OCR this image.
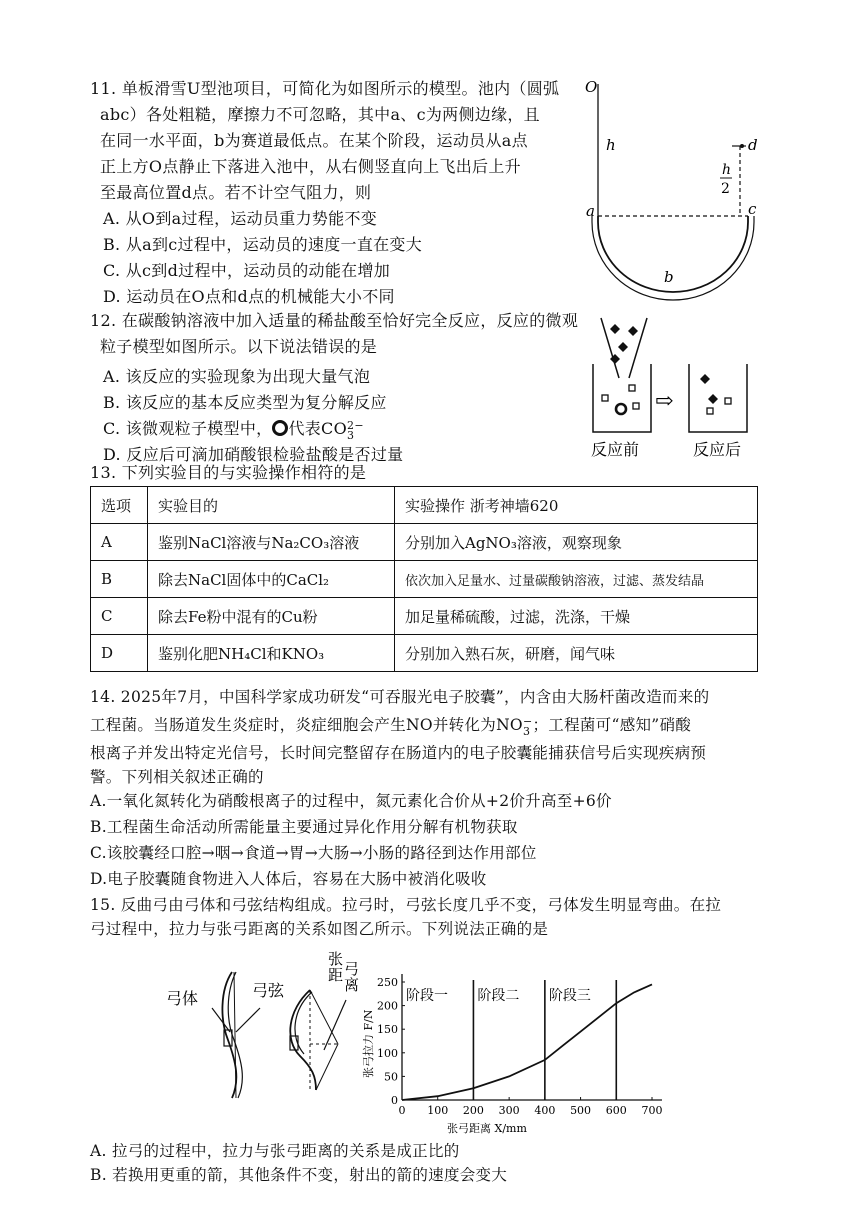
11. 单板滑雪U型池项目，可简化为如图所示的模型。池内（圆弧
abc）各处粗糙，摩擦力不可忽略，其中a、c为两侧边缘，且
在同一水平面，b为赛道最低点。在某个阶段，运动员从a点
正上方O点静止下落进入池中，从右侧竖直向上飞出后上升
至最高位置d点。若不计空气阻力，则
A. 从O到a过程，运动员重力势能不变
B. 从a到c过程中，运动员的速度一直在变大
C. 从c到d过程中，运动员的动能在增加
D. 运动员在O点和d点的机械能大小不同
O
h
a	c
b
d
h
2
12. 在碳酸钠溶液中加入适量的稀盐酸至恰好完全反应，反应的微观
粒子模型如图所示。以下说法错误的是
A. 该反应的实验现象为出现大量气泡
B. 该反应的基本反应类型为复分解反应
C. 该微观粒子模型中， 代表CO 2−
3
D. 反应后可滴加硝酸银检验盐酸是否过量
⇨
反应前	反应后
13. 下列实验目的与实验操作相符的是
选项	实验目的	实验操作 浙考神墙620
A	鉴别NaCl溶液与Na₂CO₃溶液	分别加入AgNO₃溶液，观察现象
B	除去NaCl固体中的CaCl₂	依次加入足量水、过量碳酸钠溶液，过滤、蒸发结晶
C	除去Fe粉中混有的Cu粉	加足量稀硫酸，过滤，洗涤，干燥
D	鉴别化肥NH₄Cl和KNO₃	分别加入熟石灰，研磨，闻气味
14. 2025年7月，中国科学家成功研发“可吞服光电子胶囊”，内含由大肠杆菌改造而来的
工程菌。当肠道发生炎症时，炎症细胞会产生NO并转化为NO −
3 ；工程菌可“感知”硝酸
根离子并发出特定光信号，长时间完整留存在肠道内的电子胶囊能捕获信号后实现疾病预
警。下列相关叙述正确的
A.一氧化氮转化为硝酸根离子的过程中，氮元素化合价从+2价升高至+6价
B.工程菌生命活动所需能量主要通过异化作用分解有机物获取
C.该胶囊经口腔→咽→食道→胃→大肠→小肠的路径到达作用部位
D.电子胶囊随食物进入人体后，容易在大肠中被消化吸收
15. 反曲弓由弓体和弓弦结构组成。拉弓时，弓弦长度几乎不变，弓体发生明显弯曲。在拉
弓过程中，拉力与张弓距离的关系如图乙所示。下列说法正确的是
弓体	弓弦
张
弓
距
离
阶段一 阶段二 阶段三
0 100 200 300 400 500 600 700
0
50
100
150
200
250
张弓拉力 F/N
张弓距离 X/mm
A. 拉弓的过程中，拉力与张弓距离的关系是成正比的
B. 若换用更重的箭，其他条件不变，射出的箭的速度会变大
